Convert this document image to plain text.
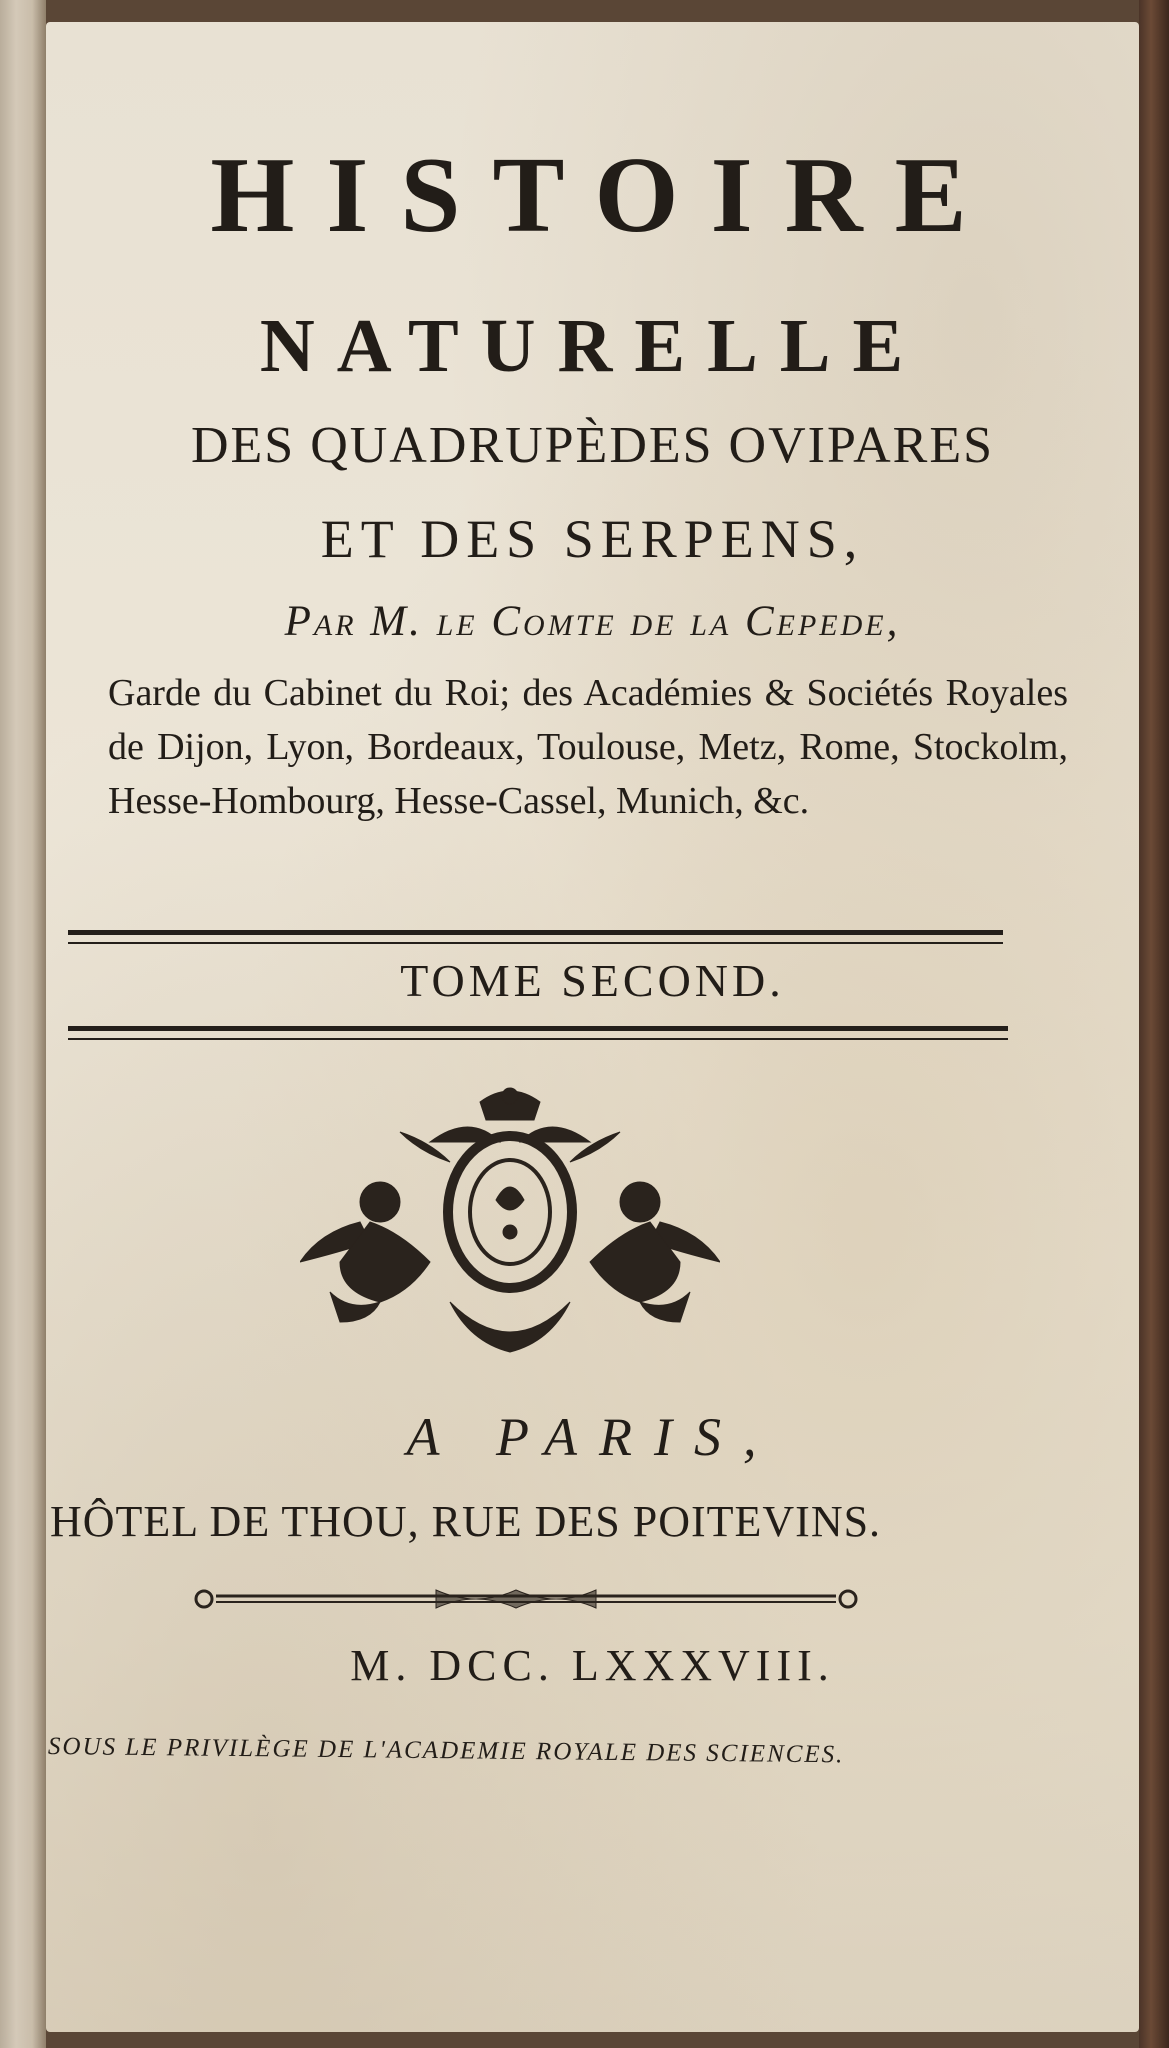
HISTOIRE
NATURELLE
DES QUADRUPÈDES OVIPARES
ET DES SERPENS,
Par M. le Comte de la Cepede,
Garde du Cabinet du Roi; des Académies & Sociétés Royales de Dijon, Lyon, Bordeaux, Toulouse, Metz, Rome, Stockolm, Hesse-Hombourg, Hesse-Cassel, Munich, &c.
TOME SECOND.
A PARIS,
HÔTEL DE THOU, RUE DES POITEVINS.
M. DCC. LXXXVIII.
SOUS LE PRIVILÈGE DE L'ACADEMIE ROYALE DES SCIENCES.
